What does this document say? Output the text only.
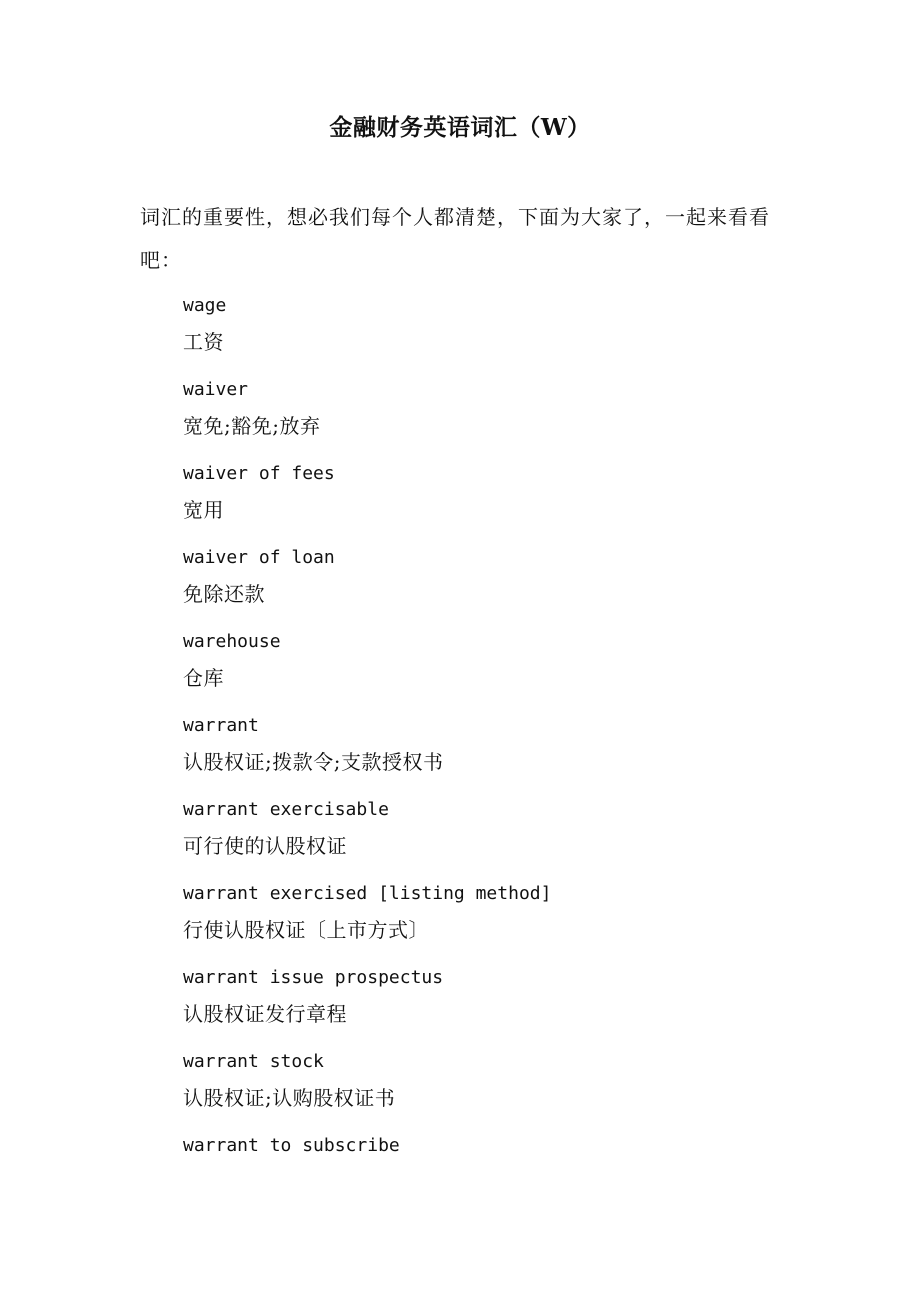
金融财务英语词汇（W）
词汇的重要性，想必我们每个人都清楚，下面为大家了，一起来看看吧：
wage
工资
waiver
宽免;豁免;放弃
waiver of fees
宽用
waiver of loan
免除还款
warehouse
仓库
warrant
认股权证;拨款令;支款授权书
warrant exercisable
可行使的认股权证
warrant exercised [listing method]
行使认股权证〔上市方式〕
warrant issue prospectus
认股权证发行章程
warrant stock
认股权证;认购股权证书
warrant to subscribe
